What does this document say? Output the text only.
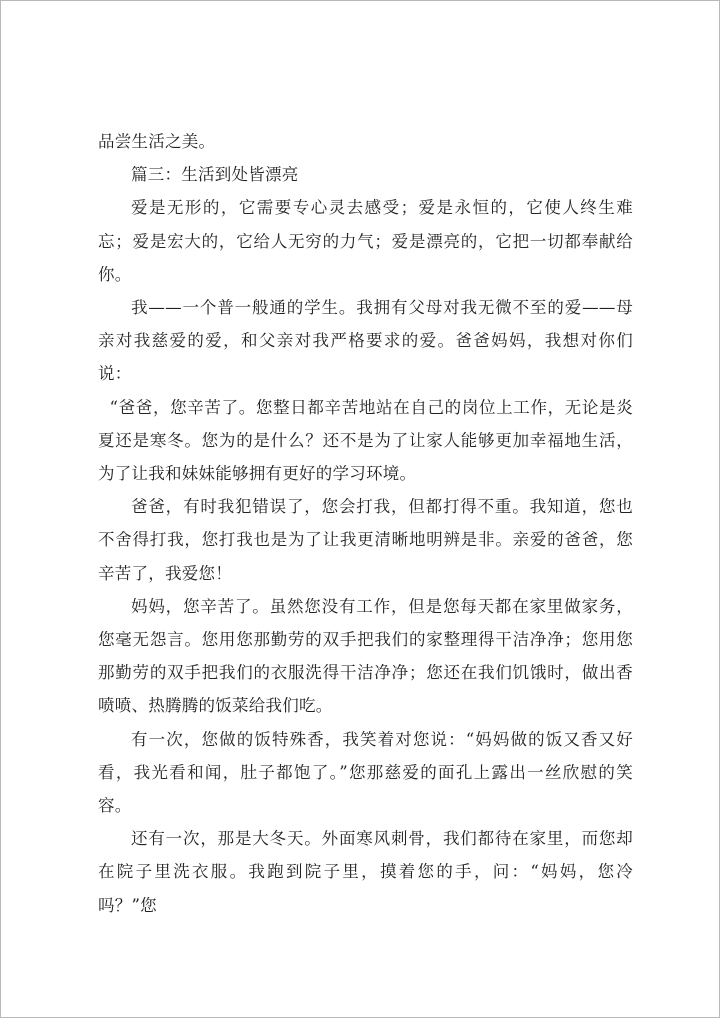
品尝生活之美。

篇三：生活到处皆漂亮

爱是无形的，它需要专心灵去感受；爱是永恒的，它使人终生难忘；爱是宏大的，它给人无穷的力气；爱是漂亮的，它把一切都奉献给你。

我——一个普一般通的学生。我拥有父母对我无微不至的爱——母亲对我慈爱的爱，和父亲对我严格要求的爱。爸爸妈妈，我想对你们说：

“爸爸，您辛苦了。您整日都辛苦地站在自己的岗位上工作，无论是炎夏还是寒冬。您为的是什么？还不是为了让家人能够更加幸福地生活，为了让我和妹妹能够拥有更好的学习环境。

爸爸，有时我犯错误了，您会打我，但都打得不重。我知道，您也不舍得打我，您打我也是为了让我更清晰地明辨是非。亲爱的爸爸，您辛苦了，我爱您！

妈妈，您辛苦了。虽然您没有工作，但是您每天都在家里做家务，您毫无怨言。您用您那勤劳的双手把我们的家整理得干洁净净；您用您那勤劳的双手把我们的衣服洗得干洁净净；您还在我们饥饿时，做出香喷喷、热腾腾的饭菜给我们吃。

有一次，您做的饭特殊香，我笑着对您说：“妈妈做的饭又香又好看，我光看和闻，肚子都饱了。”您那慈爱的面孔上露出一丝欣慰的笑容。

还有一次，那是大冬天。外面寒风刺骨，我们都待在家里，而您却在院子里洗衣服。我跑到院子里，摸着您的手，问：“妈妈，您冷吗？”您
